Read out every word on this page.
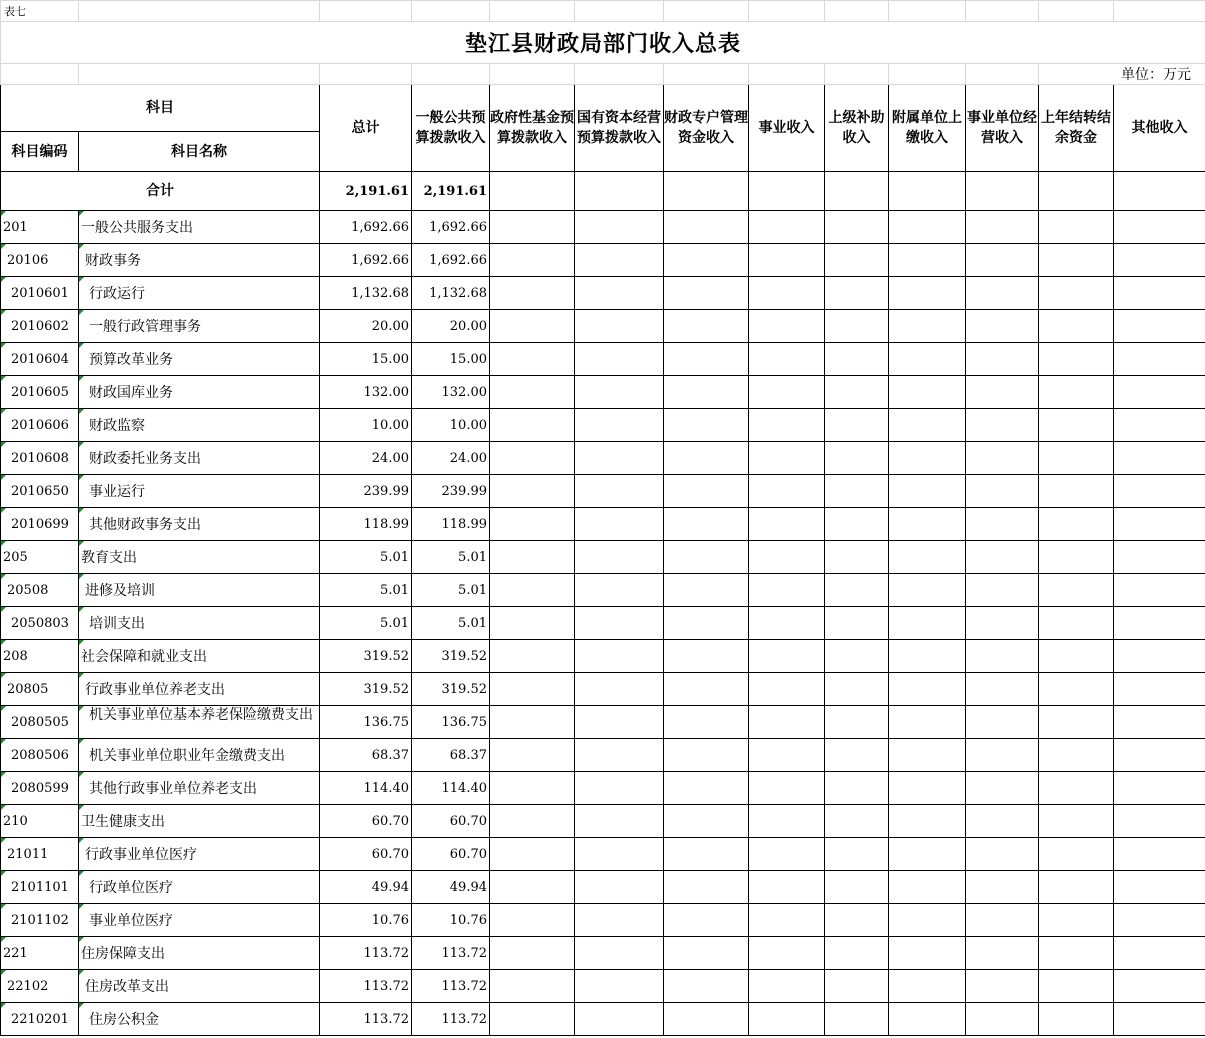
表七												
垫江县财政局部门收入总表												
											单位：万元	
科目		总计	一般公共预算拨款收入	政府性基金预算拨款收入	国有资本经营预算拨款收入	财政专户管理资金收入	事业收入	上级补助收入	附属单位上缴收入	事业单位经营收入	上年结转结余资金	其他收入
科目编码	科目名称											
合计		2,191.61	2,191.61									

201	一般公共服务支出	1,692.66	1,692.66									

20106	财政事务	1,692.66	1,692.66									

2010601	行政运行	1,132.68	1,132.68									

2010602	一般行政管理事务	20.00	20.00									

2010604	预算改革业务	15.00	15.00									

2010605	财政国库业务	132.00	132.00									

2010606	财政监察	10.00	10.00									

2010608	财政委托业务支出	24.00	24.00									

2010650	事业运行	239.99	239.99									

2010699	其他财政事务支出	118.99	118.99									

205	教育支出	5.01	5.01									

20508	进修及培训	5.01	5.01									

2050803	培训支出	5.01	5.01									

208	社会保障和就业支出	319.52	319.52									

20805	行政事业单位养老支出	319.52	319.52									

2080505	机关事业单位基本养老保险缴费支出	136.75	136.75									

2080506	机关事业单位职业年金缴费支出	68.37	68.37									

2080599	其他行政事业单位养老支出	114.40	114.40									

210	卫生健康支出	60.70	60.70									

21011	行政事业单位医疗	60.70	60.70									

2101101	行政单位医疗	49.94	49.94									

2101102	事业单位医疗	10.76	10.76									

221	住房保障支出	113.72	113.72									

22102	住房改革支出	113.72	113.72									

2210201	住房公积金	113.72	113.72									
